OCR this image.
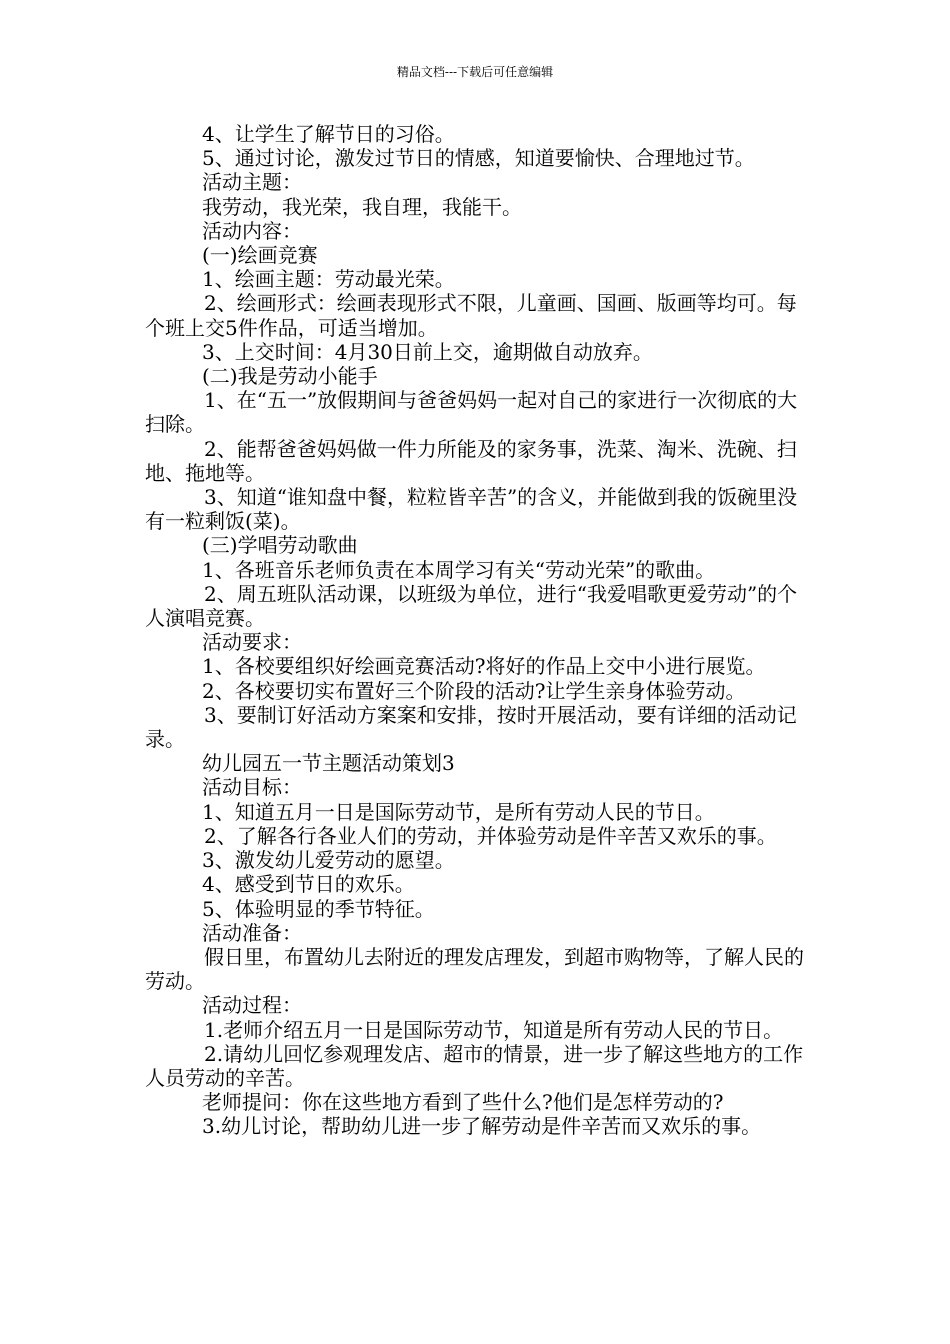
精品文档---下载后可任意编辑

4、让学生了解节日的习俗。

5、通过讨论，激发过节日的情感，知道要愉快、合理地过节。

活动主题：

我劳动，我光荣，我自理，我能干。

活动内容：

(一)绘画竞赛

1、绘画主题：劳动最光荣。

2、绘画形式：绘画表现形式不限，儿童画、国画、版画等均可。每个班上交5件作品，可适当增加。

3、上交时间：4月30日前上交，逾期做自动放弃。

(二)我是劳动小能手

1、在“五一”放假期间与爸爸妈妈一起对自己的家进行一次彻底的大扫除。

2、能帮爸爸妈妈做一件力所能及的家务事，洗菜、淘米、洗碗、扫地、拖地等。

3、知道“谁知盘中餐，粒粒皆辛苦”的含义，并能做到我的饭碗里没有一粒剩饭(菜)。

(三)学唱劳动歌曲

1、各班音乐老师负责在本周学习有关“劳动光荣”的歌曲。

2、周五班队活动课，以班级为单位，进行“我爱唱歌更爱劳动”的个人演唱竞赛。

活动要求：

1、各校要组织好绘画竞赛活动?将好的作品上交中小进行展览。

2、各校要切实布置好三个阶段的活动?让学生亲身体验劳动。

3、要制订好活动方案案和安排，按时开展活动，要有详细的活动记录。

幼儿园五一节主题活动策划3

活动目标：

1、知道五月一日是国际劳动节，是所有劳动人民的节日。

2、了解各行各业人们的劳动，并体验劳动是件辛苦又欢乐的事。

3、激发幼儿爱劳动的愿望。

4、感受到节日的欢乐。

5、体验明显的季节特征。

活动准备：

假日里，布置幼儿去附近的理发店理发，到超市购物等，了解人民的劳动。

活动过程：

1.老师介绍五月一日是国际劳动节，知道是所有劳动人民的节日。

2.请幼儿回忆参观理发店、超市的情景，进一步了解这些地方的工作人员劳动的辛苦。

老师提问：你在这些地方看到了些什么?他们是怎样劳动的?

3.幼儿讨论，帮助幼儿进一步了解劳动是件辛苦而又欢乐的事。
